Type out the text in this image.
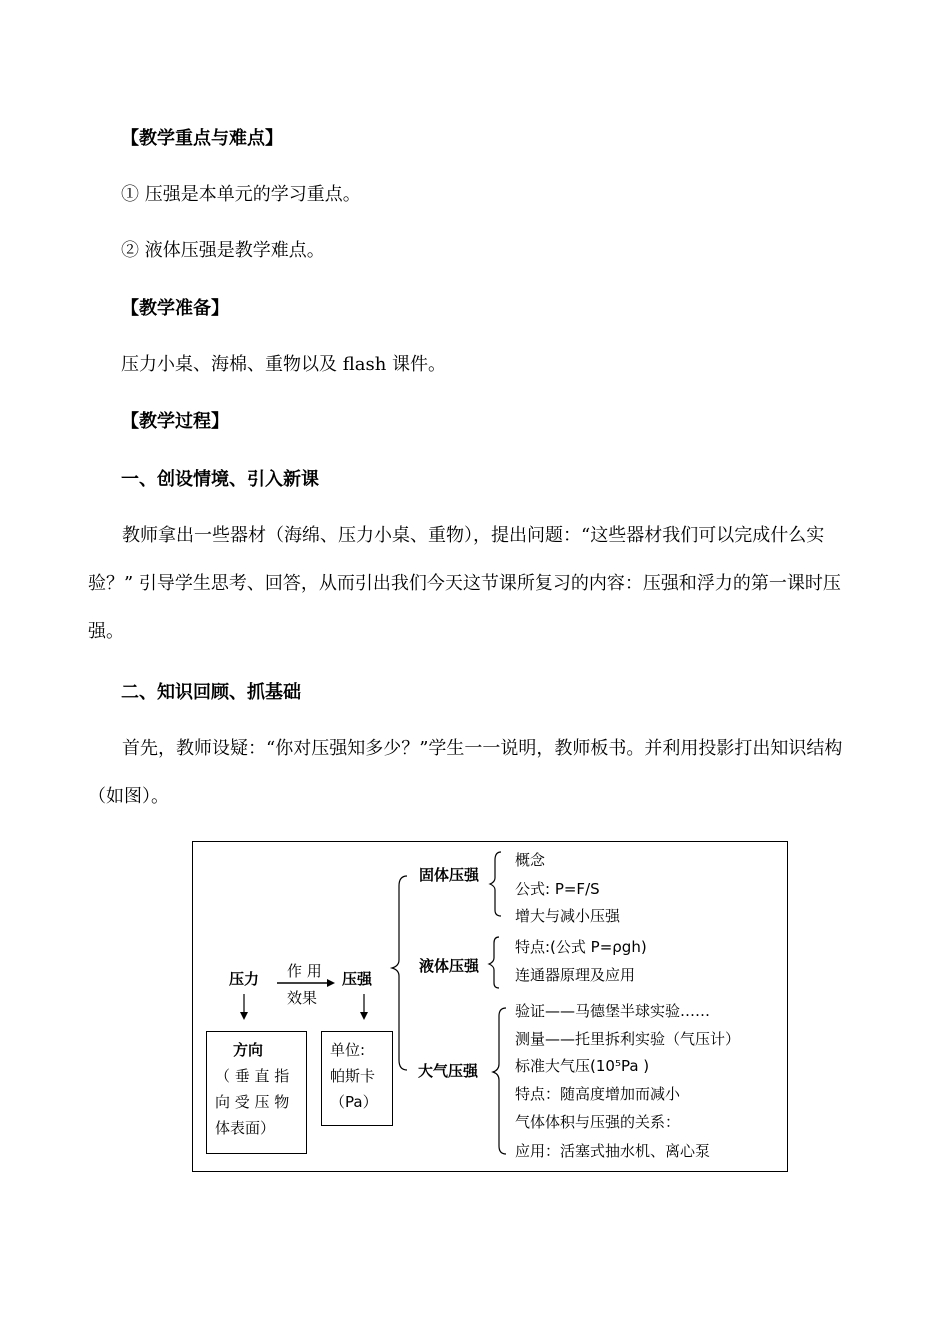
【教学重点与难点】
① 压强是本单元的学习重点。
② 液体压强是教学难点。
【教学准备】
压力小桌、海棉、重物以及 flash 课件。
【教学过程】
一、创设情境、引入新课
教师拿出一些器材（海绵、压力小桌、重物），提出问题：“这些器材我们可以完成什么实验？” 引导学生思考、回答，从而引出我们今天这节课所复习的内容：压强和浮力的第一课时压强。
二、知识回顾、抓基础
首先，教师设疑：“你对压强知多少？”学生一一说明，教师板书。并利用投影打出知识结构（如图）。
压力 作 用
效果
压强
方向
（ 垂 直 指
向 受 压 物
体表面）
单位:
帕斯卡
（Pa）
固体压强
概念
公式: P=F/S
增大与减小压强
液体压强
特点:(公式 P=ρgh)
连通器原理及应用
大气压强
验证——马德堡半球实验……
测量——托里拆利实验（气压计）
标准大气压(10⁵Pa )
特点：随高度增加而减小
气体体积与压强的关系：
应用：活塞式抽水机、离心泵
